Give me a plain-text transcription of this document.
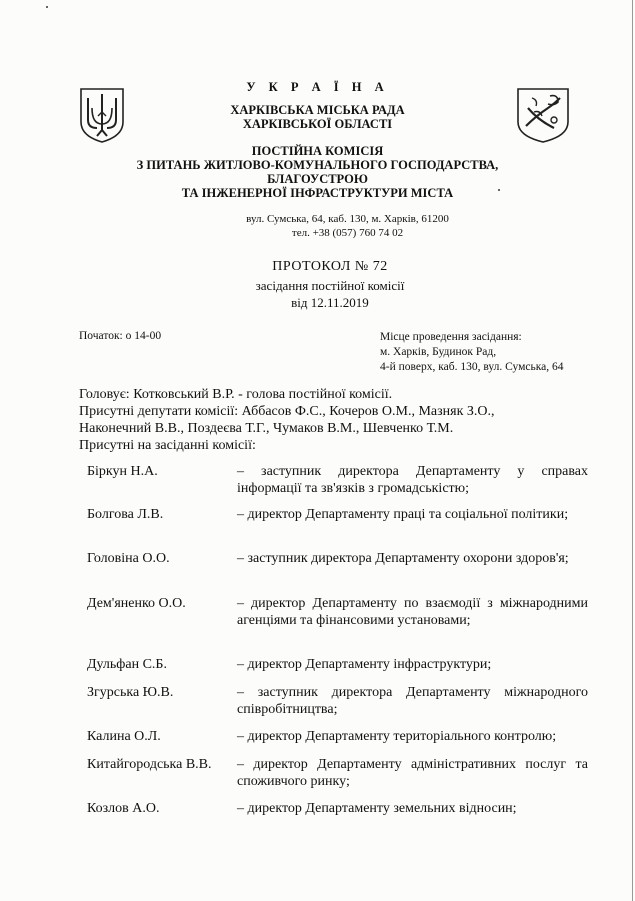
У К Р А Ї Н А
ХАРКІВСЬКА МІСЬКА РАДА
ХАРКІВСЬКОЇ ОБЛАСТІ
ПОСТІЙНА КОМІСІЯ
З ПИТАНЬ ЖИТЛОВО-КОМУНАЛЬНОГО ГОСПОДАРСТВА,
БЛАГОУСТРОЮ
ТА ІНЖЕНЕРНОЇ ІНФРАСТРУКТУРИ МІСТА
вул. Сумська, 64, каб. 130, м. Харків, 61200
тел. +38 (057) 760 74 02
ПРОТОКОЛ № 72
засідання постійної комісії
від 12.11.2019
Початок: о 14-00	Місце проведення засідання:
м. Харків, Будинок Рад,
4-й поверх, каб. 130, вул. Сумська, 64
Головує: Котковський В.Р. - голова постійної комісії.
Присутні депутати комісії: Аббасов Ф.С., Кочеров О.М., Мазняк З.О.,
Наконечний В.В., Поздеєва Т.Г., Чумаков В.М., Шевченко Т.М.
Присутні на засіданні комісії:
Біркун Н.А.	– заступник директора Департаменту у справах інформації та зв'язків з громадськістю;
Болгова Л.В.	– директор Департаменту праці та соціальної політики;
Головіна О.О.	– заступник директора Департаменту охорони здоров'я;
Дем'яненко О.О.	– директор Департаменту по взаємодії з міжнародними агенціями та фінансовими установами;
Дульфан С.Б.	– директор Департаменту інфраструктури;
Згурська Ю.В.	– заступник директора Департаменту міжнародного співробітництва;
Калина О.Л.	– директор Департаменту територіального контролю;
Китайгородська В.В.	– директор Департаменту адміністративних послуг та споживчого ринку;
Козлов А.О.	– директор Департаменту земельних відносин;
